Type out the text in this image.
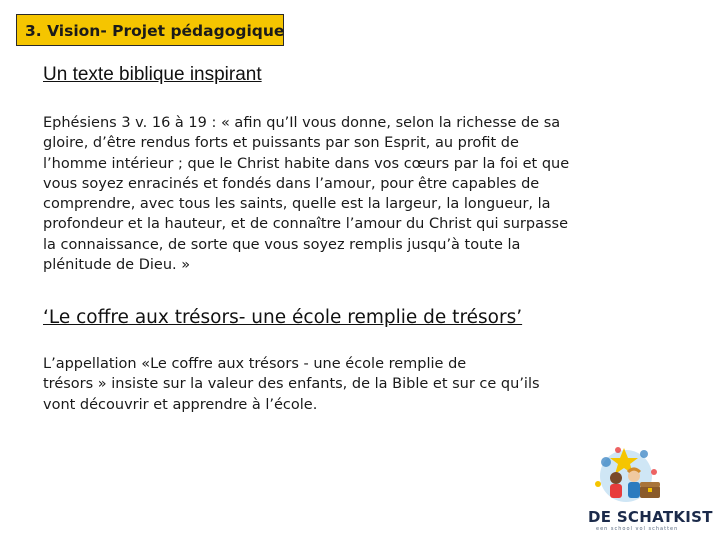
3. Vision- Projet pédagogique
Un texte biblique inspirant
Ephésiens 3 v. 16 à 19 : « afin qu’Il vous donne, selon la richesse de sa
gloire, d’être rendus forts et puissants par son Esprit, au profit de
l’homme intérieur ; que le Christ habite dans vos cœurs par la foi et que
vous soyez enracinés et fondés dans l’amour, pour être capables de
comprendre, avec tous les saints, quelle est la largeur, la longueur, la
profondeur et la hauteur, et de connaître l’amour du Christ qui surpasse
la connaissance, de sorte que vous soyez remplis jusqu’à toute la
plénitude de Dieu. »
‘Le coffre aux trésors- une école remplie de trésors’
L’appellation «Le coffre aux trésors - une école remplie de
trésors » insiste sur la valeur des enfants, de la Bible et sur ce qu’ils
vont découvrir et apprendre à l’école.
DE SCHATKIST
een school vol schatten
